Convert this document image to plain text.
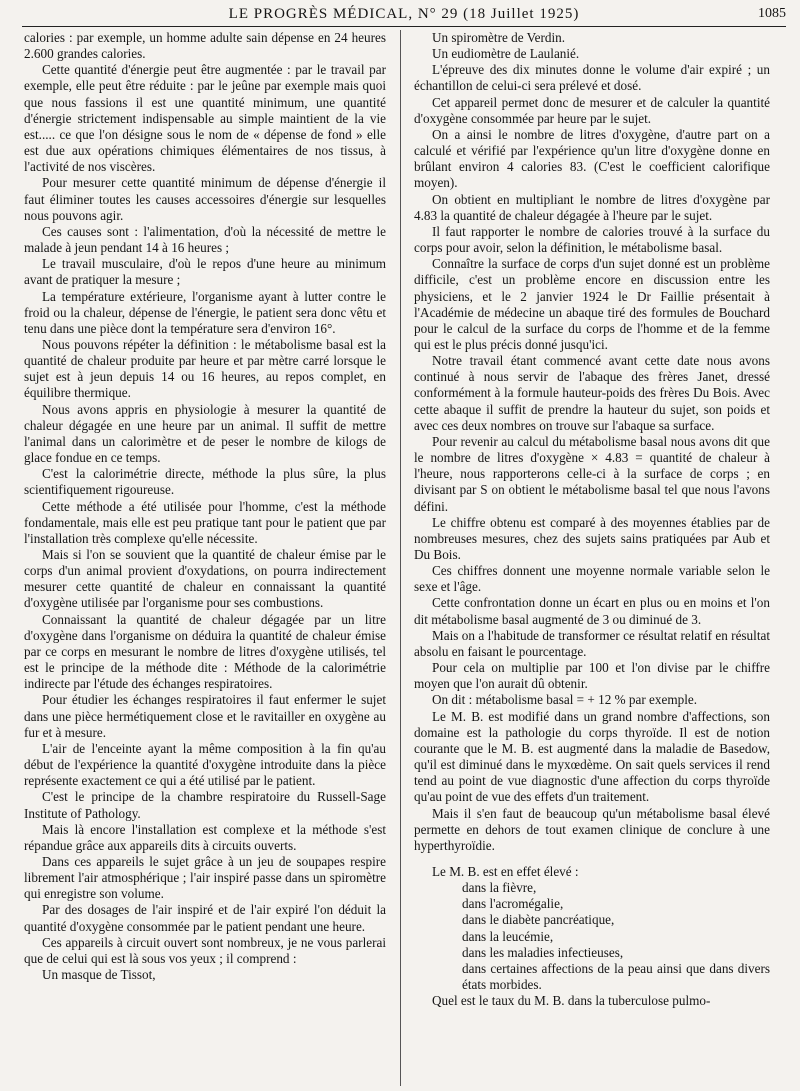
LE PROGRÈS MÉDICAL, N° 29 (18 Juillet 1925)	1085

calories : par exemple, un homme adulte sain dépense en 24 heures 2.600 grandes calories.

Cette quantité d'énergie peut être augmentée : par le travail par exemple, elle peut être réduite : par le jeûne par exemple mais quoi que nous fassions il est une quantité minimum, une quantité d'énergie strictement indispensable au simple maintient de la vie est..... ce que l'on désigne sous le nom de « dépense de fond » elle est due aux opérations chimiques élémentaires de nos tissus, à l'activité de nos viscères.

Pour mesurer cette quantité minimum de dépense d'énergie il faut éliminer toutes les causes accessoires d'énergie sur lesquelles nous pouvons agir.

Ces causes sont : l'alimentation, d'où la nécessité de mettre le malade à jeun pendant 14 à 16 heures ;

Le travail musculaire, d'où le repos d'une heure au minimum avant de pratiquer la mesure ;

La température extérieure, l'organisme ayant à lutter contre le froid ou la chaleur, dépense de l'énergie, le patient sera donc vêtu et tenu dans une pièce dont la température sera d'environ 16°.

Nous pouvons répéter la définition : le métabolisme basal est la quantité de chaleur produite par heure et par mètre carré lorsque le sujet est à jeun depuis 14 ou 16 heures, au repos complet, en équilibre thermique.

Nous avons appris en physiologie à mesurer la quantité de chaleur dégagée en une heure par un animal. Il suffit de mettre l'animal dans un calorimètre et de peser le nombre de kilogs de glace fondue en ce temps.

C'est la calorimétrie directe, méthode la plus sûre, la plus scientifiquement rigoureuse.

Cette méthode a été utilisée pour l'homme, c'est la méthode fondamentale, mais elle est peu pratique tant pour le patient que par l'installation très complexe qu'elle nécessite.

Mais si l'on se souvient que la quantité de chaleur émise par le corps d'un animal provient d'oxydations, on pourra indirectement mesurer cette quantité de chaleur en connaissant la quantité d'oxygène utilisée par l'organisme pour ses combustions.

Connaissant la quantité de chaleur dégagée par un litre d'oxygène dans l'organisme on déduira la quantité de chaleur émise par ce corps en mesurant le nombre de litres d'oxygène utilisés, tel est le principe de la méthode dite : Méthode de la calorimétrie indirecte par l'étude des échanges respiratoires.

Pour étudier les échanges respiratoires il faut enfermer le sujet dans une pièce hermétiquement close et le ravitailler en oxygène au fur et à mesure.

L'air de l'enceinte ayant la même composition à la fin qu'au début de l'expérience la quantité d'oxygène introduite dans la pièce représente exactement ce qui a été utilisé par le patient.

C'est le principe de la chambre respiratoire du Russell-Sage Institute of Pathology.

Mais là encore l'installation est complexe et la méthode s'est répandue grâce aux appareils dits à circuits ouverts.

Dans ces appareils le sujet grâce à un jeu de soupapes respire librement l'air atmosphérique ; l'air inspiré passe dans un spiromètre qui enregistre son volume.

Par des dosages de l'air inspiré et de l'air expiré l'on déduit la quantité d'oxygène consommée par le patient pendant une heure.

Ces appareils à circuit ouvert sont nombreux, je ne vous parlerai que de celui qui est là sous vos yeux ; il comprend :

Un masque de Tissot,

Un spiromètre de Verdin.

Un eudiomètre de Laulanié.

L'épreuve des dix minutes donne le volume d'air expiré ; un échantillon de celui-ci sera prélevé et dosé.

Cet appareil permet donc de mesurer et de calculer la quantité d'oxygène consommée par heure par le sujet.

On a ainsi le nombre de litres d'oxygène, d'autre part on a calculé et vérifié par l'expérience qu'un litre d'oxygène donne en brûlant environ 4 calories 83. (C'est le coefficient calorifique moyen).

On obtient en multipliant le nombre de litres d'oxygène par 4.83 la quantité de chaleur dégagée à l'heure par le sujet.

Il faut rapporter le nombre de calories trouvé à la surface du corps pour avoir, selon la définition, le métabolisme basal.

Connaître la surface de corps d'un sujet donné est un problème difficile, c'est un problème encore en discussion entre les physiciens, et le 2 janvier 1924 le Dr Faillie présentait à l'Académie de médecine un abaque tiré des formules de Bouchard pour le calcul de la surface du corps de l'homme et de la femme qui est le plus précis donné jusqu'ici.

Notre travail étant commencé avant cette date nous avons continué à nous servir de l'abaque des frères Janet, dressé conformément à la formule hauteur-poids des frères Du Bois. Avec cette abaque il suffit de prendre la hauteur du sujet, son poids et avec ces deux nombres on trouve sur l'abaque sa surface.

Pour revenir au calcul du métabolisme basal nous avons dit que le nombre de litres d'oxygène × 4.83 = quantité de chaleur à l'heure, nous rapporterons celle-ci à la surface de corps ; en divisant par S on obtient le métabolisme basal tel que nous l'avons défini.

Le chiffre obtenu est comparé à des moyennes établies par de nombreuses mesures, chez des sujets sains pratiquées par Aub et Du Bois.

Ces chiffres donnent une moyenne normale variable selon le sexe et l'âge.

Cette confrontation donne un écart en plus ou en moins et l'on dit métabolisme basal augmenté de 3 ou diminué de 3.

Mais on a l'habitude de transformer ce résultat relatif en résultat absolu en faisant le pourcentage.

Pour cela on multiplie par 100 et l'on divise par le chiffre moyen que l'on aurait dû obtenir.

On dit : métabolisme basal = + 12 % par exemple.

Le M. B. est modifié dans un grand nombre d'affections, son domaine est la pathologie du corps thyroïde. Il est de notion courante que le M. B. est augmenté dans la maladie de Basedow, qu'il est diminué dans le myxœdème. On sait quels services il rend tend au point de vue diagnostic d'une affection du corps thyroïde qu'au point de vue des effets d'un traitement.

Mais il s'en faut de beaucoup qu'un métabolisme basal élevé permette en dehors de tout examen clinique de conclure à une hyperthyroïdie.

Le M. B. est en effet élevé :

dans la fièvre,
dans l'acromégalie,
dans le diabète pancréatique,
dans la leucémie,
dans les maladies infectieuses,
dans certaines affections de la peau ainsi que dans divers états morbides.

Quel est le taux du M. B. dans la tuberculose pulmo-
